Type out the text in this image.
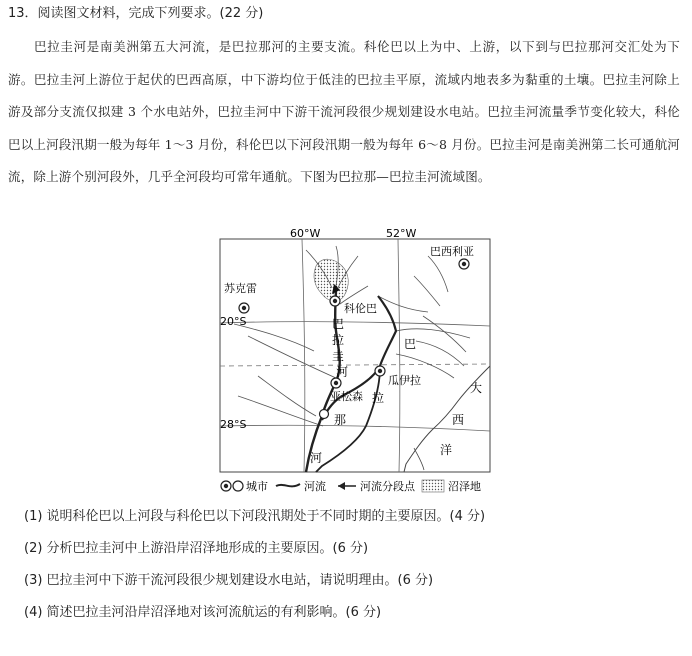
13．阅读图文材料，完成下列要求。(22 分)

巴拉圭河是南美洲第五大河流，是巴拉那河的主要支流。科伦巴以上为中、上游，以下到与巴拉那河交汇处为下游。巴拉圭河上游位于起伏的巴西高原，中下游均位于低洼的巴拉圭平原，流域内地表多为黏重的土壤。巴拉圭河除上游及部分支流仅拟建 3 个水电站外，巴拉圭河中下游干流河段很少规划建设水电站。巴拉圭河流量季节变化较大，科伦巴以上河段汛期一般为每年 1～3 月份，科伦巴以下河段汛期一般为每年 6～8 月份。巴拉圭河是南美洲第二长可通航河流，除上游个别河段外，几乎全河段均可常年通航。下图为巴拉那—巴拉圭河流域图。

60°W	52°W
20°S
28°S
巴西利亚
苏克雷
科伦巴
亚松森
瓜伊拉
巴
拉
圭
河
巴
拉
那
河
大
西
洋
城市	河流	河流分段点	沼泽地
(1) 说明科伦巴以上河段与科伦巴以下河段汛期处于不同时期的主要原因。(4 分)
(2) 分析巴拉圭河中上游沿岸沼泽地形成的主要原因。(6 分)
(3) 巴拉圭河中下游干流河段很少规划建设水电站，请说明理由。(6 分)
(4) 简述巴拉圭河沿岸沼泽地对该河流航运的有利影响。(6 分)
